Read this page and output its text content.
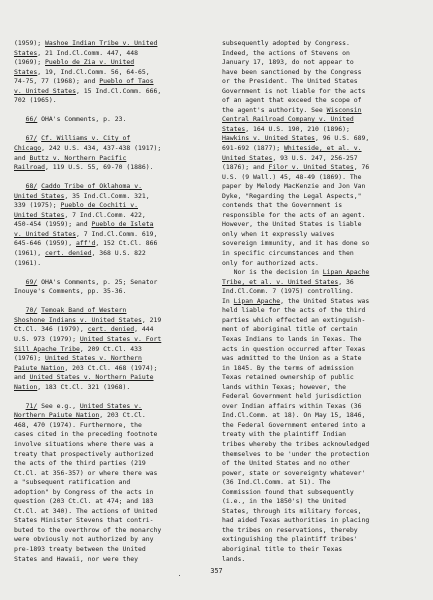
(1959); Washoe Indian Tribe v. United
States, 21 Ind.Cl.Comm. 447, 448
(1969); Pueblo de Zia v. United
States, 19, Ind.Cl.Comm. 56, 64-65,
74-75, 77 (1968); and Pueblo of Taos
v. United States, 15 Ind.Cl.Comm. 666,
702 (1965).
66/ OHA's Comments, p. 23.
67/ Cf. Williams v. City of
Chicago, 242 U.S. 434, 437-438 (1917);
and Buttz v. Northern Pacific
Railroad, 119 U.S. 55, 69-70 (1886).
68/ Caddo Tribe of Oklahoma v.
United States, 35 Ind.Cl.Comm. 321,
339 (1975); Pueblo de Cochiti v.
United States, 7 Ind.Cl.Comm. 422,
450-454 (1959); and Pueblo de Isleta
v. United States, 7 Ind.Cl.Comm. 619,
645-646 (1959), aff'd, 152 Ct.Cl. 866
(1961), cert. denied, 368 U.S. 822
(1961).
69/ OHA's Comments, p. 25; Senator
Inouye's Comments, pp. 35-36.
70/ Temoak Band of Western
Shoshone Indians v. United States, 219
Ct.Cl. 346 (1979), cert. denied, 444
U.S. 973 (1979); United States v. Fort
Sill Apache Tribe, 209 Ct.Cl. 433
(1976); United States v. Northern
Paiute Nation, 203 Ct.Cl. 468 (1974);
and United States v. Northern Paiute
Nation, 183 Ct.Cl. 321 (1968).
71/ See e.g., United States v.
Northern Paiute Nation, 203 Ct.Cl.
468, 470 (1974). Furthermore, the
cases cited in the preceding footnote
involve situations where there was a
treaty that prospectively authorized
the acts of the third parties (219
Ct.Cl. at 356-357) or where there was
a "subsequent ratification and
adoption" by Congress of the acts in
question (203 Ct.Cl. at 474; and 183
Ct.Cl. at 340). The actions of United
States Minister Stevens that contri-
buted to the overthrow of the monarchy
were obviously not authorized by any
pre-1893 treaty between the United
States and Hawaii, nor were they
subsequently adopted by Congress.
Indeed, the actions of Stevens on
January 17, 1893, do not appear to
have been sanctioned by the Congress
or the President. The United States
Government is not liable for the acts
of an agent that exceed the scope of
the agent's authority. See Wisconsin
Central Railroad Company v. United
States, 164 U.S. 190, 210 (1896);
Hawkins v. United States, 96 U.S. 689,
691-692 (1877); Whiteside, et al. v.
United States, 93 U.S. 247, 256-257
(1876); and Filor v. United States, 76
U.S. (9 Wall.) 45, 48-49 (1869). The
paper by Melody MacKenzie and Jon Van
Dyke, "Regarding the Legal Aspects,"
contends that the Government is
responsible for the acts of an agent.
However, the United States is liable
only when it expressly waives
sovereign immunity, and it has done so
in specific circumstances and then
only for authorized acts.
Nor is the decision in Lipan Apache
Tribe, et al. v. United States, 36
Ind.Cl.Comm. 7 (1975) controlling.
In Lipan Apache, the United States was
held liable for the acts of the third
parties which effected an extinguish-
ment of aboriginal title of certain
Texas Indians to lands in Texas. The
acts in question occurred after Texas
was admitted to the Union as a State
in 1845. By the terms of admission
Texas retained ownership of public
lands within Texas; however, the
Federal Government held jurisdiction
over Indian affairs within Texas (36
Ind.Cl.Comm. at 18). On May 15, 1846,
the Federal Government entered into a
treaty with the plaintiff Indian
tribes whereby the tribes acknowledged
themselves to be 'under the protection
of the United States and no other
power, state or sovereignty whatever'
(36 Ind.Cl.Comm. at 51). The
Commission found that subsequently
(i.e., in the 1850's) the United
States, through its military forces,
had aided Texas authorities in placing
the tribes on reservations, thereby
extinguishing the plaintiff tribes'
aboriginal title to their Texas
lands.
357
